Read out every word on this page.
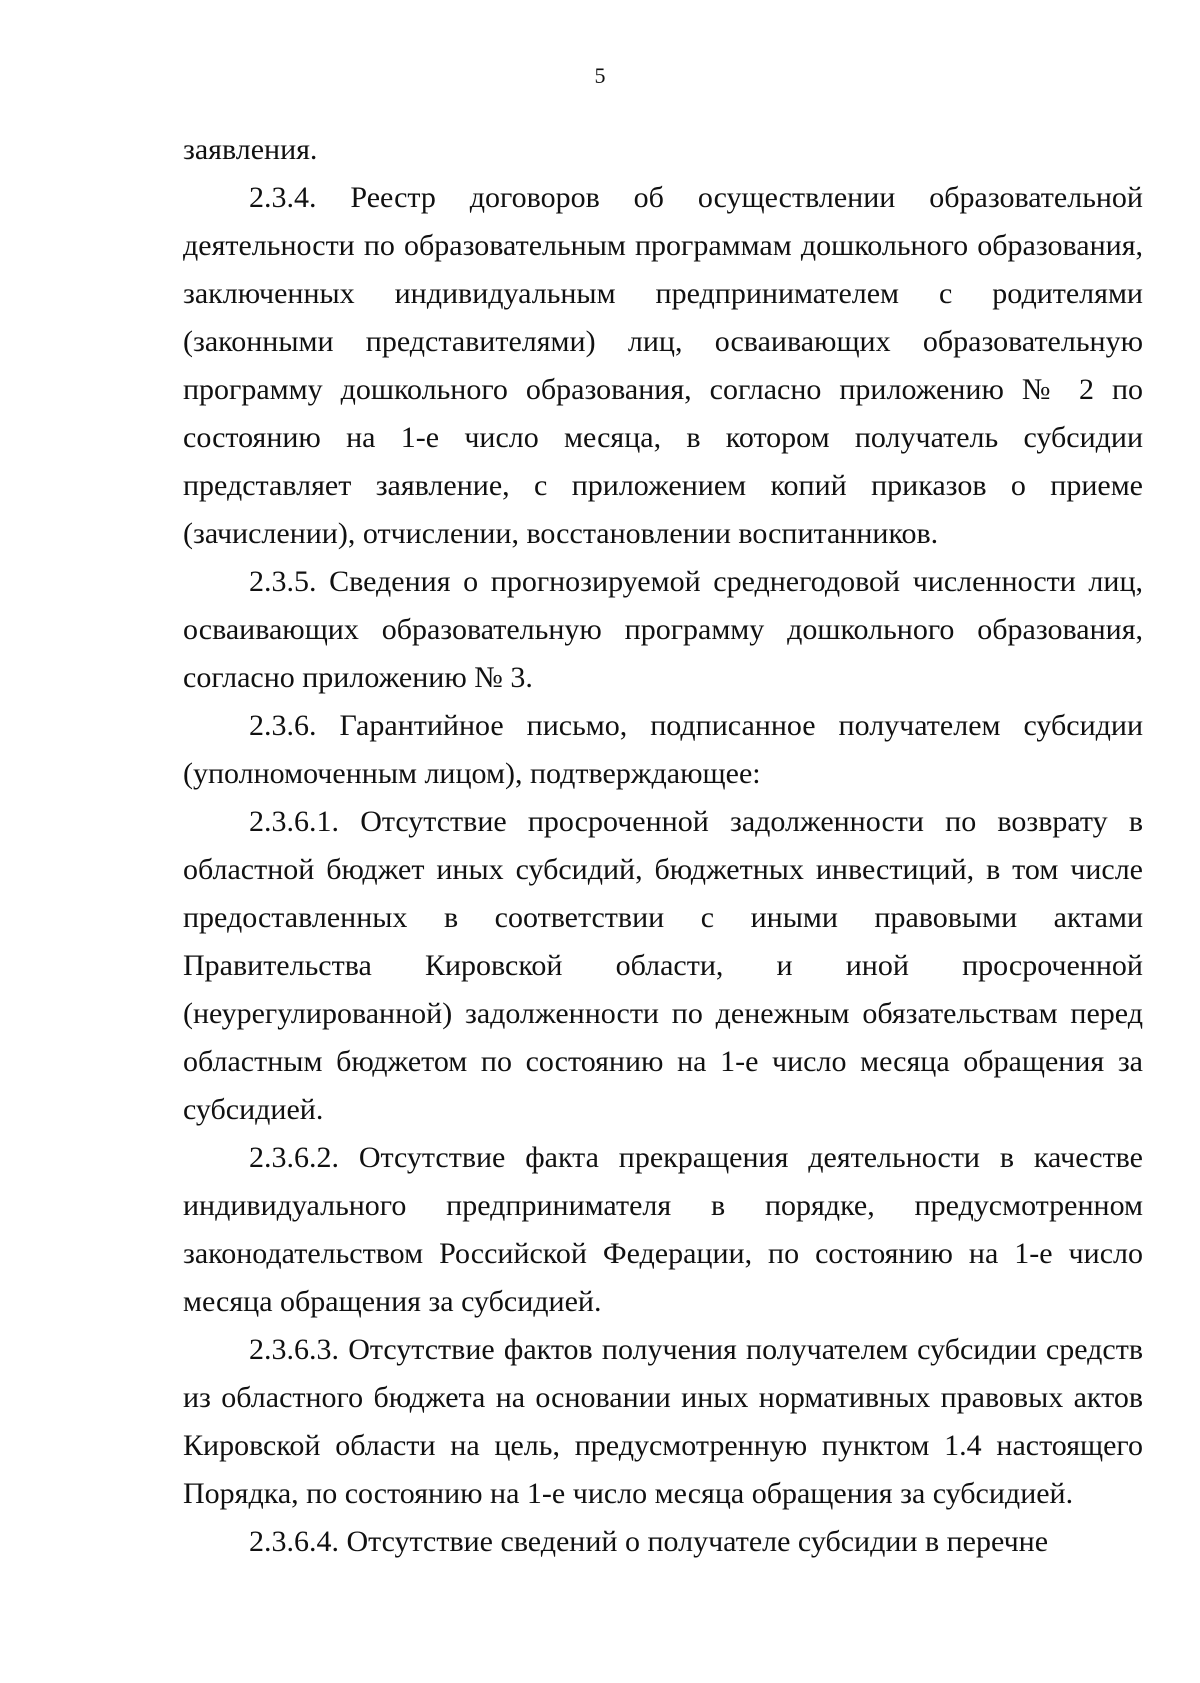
5

заявления.

2.3.4. Реестр договоров об осуществлении образовательной деятельности по образовательным программам дошкольного образования, заключенных индивидуальным предпринимателем с родителями (законными представителями) лиц, осваивающих образовательную программу дошкольного образования, согласно приложению № 2 по состоянию на 1-е число месяца, в котором получатель субсидии представляет заявление, с приложением копий приказов о приеме (зачислении), отчислении, восстановлении воспитанников.

2.3.5. Сведения о прогнозируемой среднегодовой численности лиц, осваивающих образовательную программу дошкольного образования, согласно приложению № 3.

2.3.6. Гарантийное письмо, подписанное получателем субсидии (уполномоченным лицом), подтверждающее:

2.3.6.1. Отсутствие просроченной задолженности по возврату в областной бюджет иных субсидий, бюджетных инвестиций, в том числе предоставленных в соответствии с иными правовыми актами Правительства Кировской области, и иной просроченной (неурегулированной) задолженности по денежным обязательствам перед областным бюджетом по состоянию на 1-е число месяца обращения за субсидией.

2.3.6.2. Отсутствие факта прекращения деятельности в качестве индивидуального предпринимателя в порядке, предусмотренном законодательством Российской Федерации, по состоянию на 1-е число месяца обращения за субсидией.

2.3.6.3. Отсутствие фактов получения получателем субсидии средств из областного бюджета на основании иных нормативных правовых актов Кировской области на цель, предусмотренную пунктом 1.4 настоящего Порядка, по состоянию на 1-е число месяца обращения за субсидией.

2.3.6.4. Отсутствие сведений о получателе субсидии в перечне
